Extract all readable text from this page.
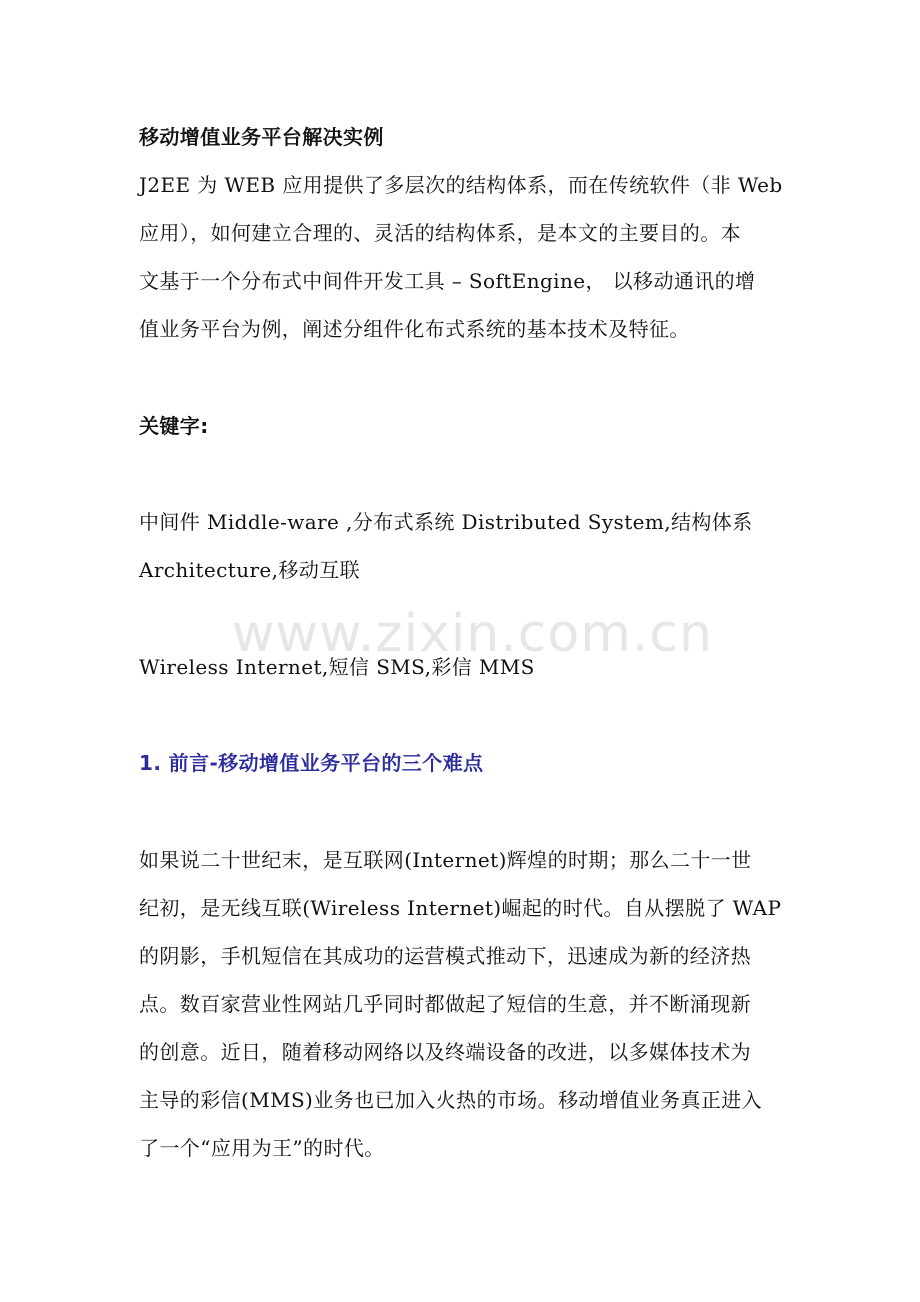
移动增值业务平台解决实例
J2EE 为 WEB 应用提供了多层次的结构体系，而在传统软件（非 Web
应用），如何建立合理的、灵活的结构体系，是本文的主要目的。本
文基于一个分布式中间件开发工具 – SoftEngine， 以移动通讯的增
值业务平台为例，阐述分组件化布式系统的基本技术及特征。
关键字:
中间件 Middle-ware ,分布式系统 Distributed System,结构体系
Architecture,移动互联
www.zixin.com.cn
Wireless Internet,短信 SMS,彩信 MMS
1. 前言-移动增值业务平台的三个难点
如果说二十世纪末，是互联网(Internet)辉煌的时期；那么二十一世
纪初，是无线互联(Wireless Internet)崛起的时代。自从摆脱了 WAP
的阴影，手机短信在其成功的运营模式推动下，迅速成为新的经济热
点。数百家营业性网站几乎同时都做起了短信的生意，并不断涌现新
的创意。近日，随着移动网络以及终端设备的改进，以多媒体技术为
主导的彩信(MMS)业务也已加入火热的市场。移动增值业务真正进入
了一个“应用为王”的时代。
